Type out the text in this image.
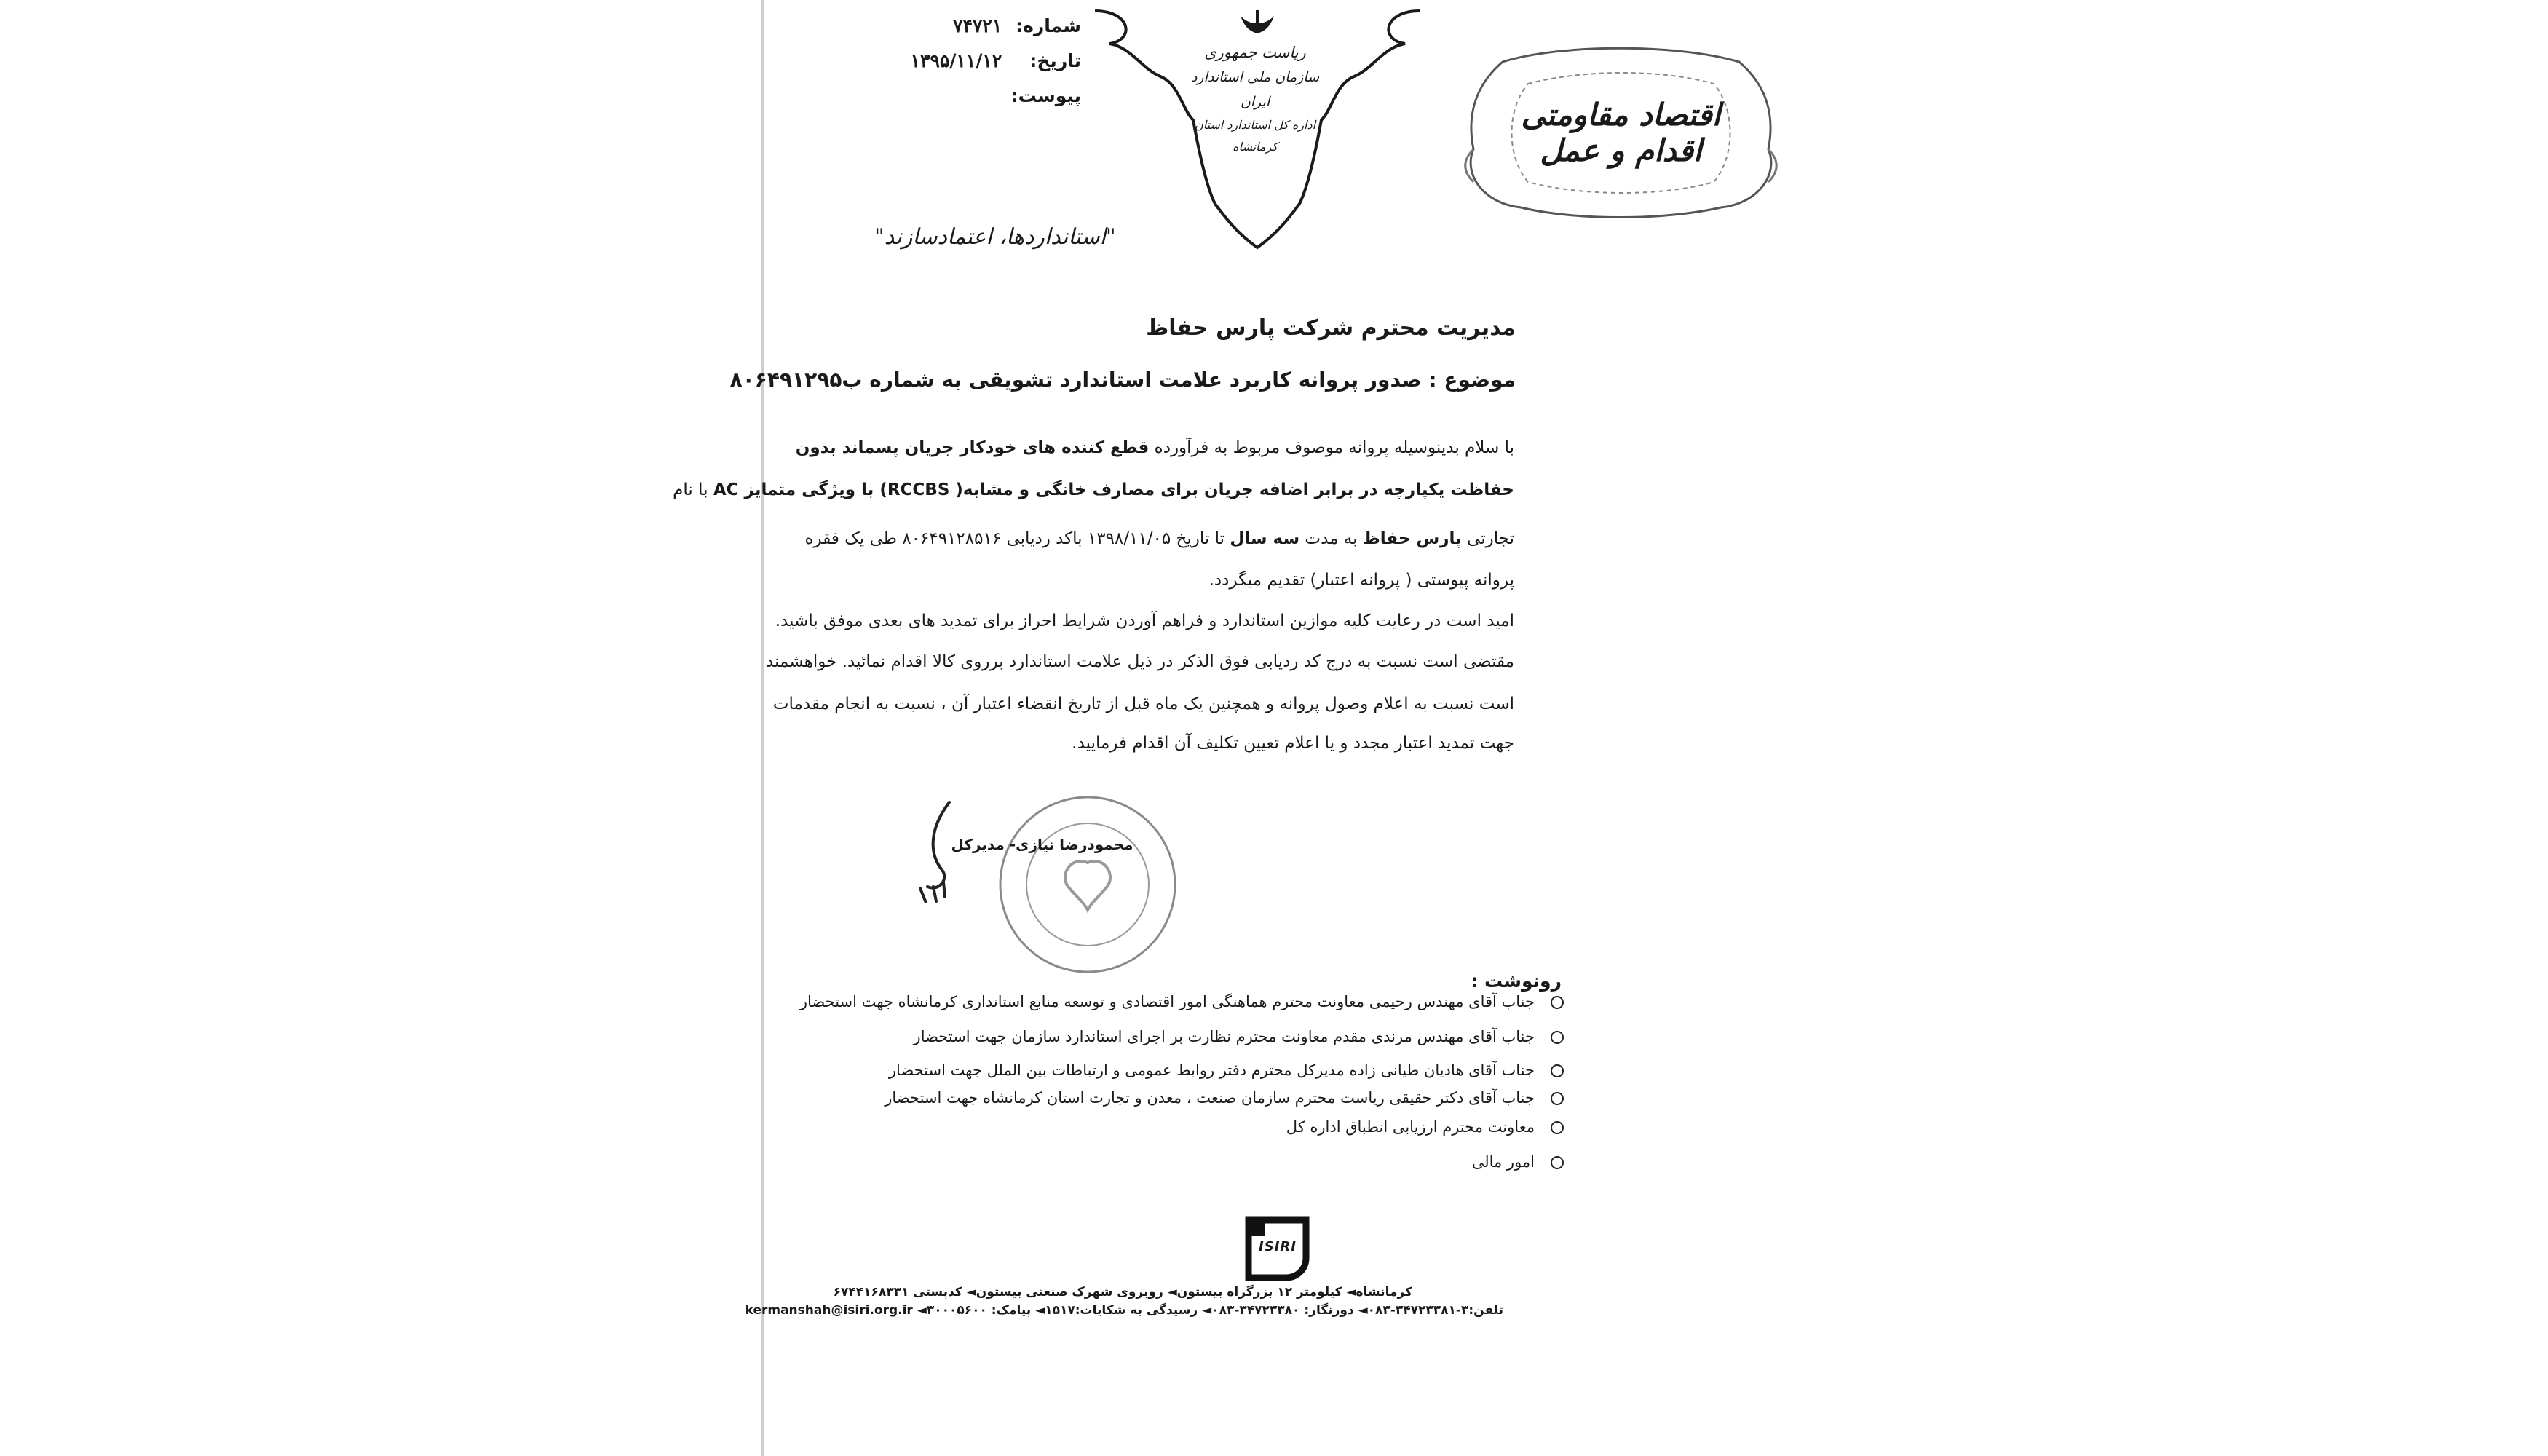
شماره: ۷۴۷۲۱
تاریخ: ۱۳۹۵/۱۱/۱۲
پیوست:
ریاست جمهوری
سازمان ملی استاندارد ایران
اداره کل استاندارد استان کرمانشاه
اقتصاد مقاومتی اقدام و عمل
"استانداردها، اعتمادسازند"
مدیریت محترم شرکت پارس حفاظ
موضوع : صدور پروانه کاربرد علامت استاندارد تشویقی به شماره ب۸۰۶۴۹۱۲۹۵
با سلام بدینوسیله پروانه موصوف مربوط به فرآورده قطع کننده های خودکار جریان پسماند بدون
حفاظت یکپارچه در برابر اضافه جریان برای مصارف خانگی و مشابه( RCCBS) با ویژگی متمایز AC با نام
تجارتی پارس حفاظ به مدت سه سال تا تاریخ ۱۳۹۸/۱۱/۰۵ باکد ردیابی ۸۰۶۴۹۱۲۸۵۱۶ طی یک فقره
پروانه پیوستی ( پروانه اعتبار) تقدیم میگردد.
امید است در رعایت کلیه موازین استاندارد و فراهم آوردن شرایط احراز برای تمدید های بعدی موفق باشید.
مقتضی است نسبت به درج کد ردیابی فوق الذکر در ذیل علامت استاندارد برروی کالا اقدام نمائید. خواهشمند
است نسبت به اعلام وصول پروانه و همچنین یک ماه قبل از تاریخ انقضاء اعتبار آن ، نسبت به انجام مقدمات
جهت تمدید اعتبار مجدد و یا اعلام تعیین تکلیف آن اقدام فرمایید.
محمودرضا نیازی- مدیرکل
رونوشت :
جناب آقای مهندس رحیمی معاونت محترم هماهنگی امور اقتصادی و توسعه منابع استانداری کرمانشاه جهت استحضار
جناب آقای مهندس مرندی مقدم معاونت محترم نظارت بر اجرای استاندارد سازمان جهت استحضار
جناب آقای هادیان طیانی زاده مدیرکل محترم دفتر روابط عمومی و ارتباطات بین الملل جهت استحضار
جناب آقای دکتر حقیقی ریاست محترم سازمان صنعت ، معدن و تجارت استان کرمانشاه جهت استحضار
معاونت محترم ارزیابی انطباق اداره کل
امور مالی
ISIRI
کرمانشاه◄ کیلومتر ۱۲ بزرگراه بیستون◄ روبروی شهرک صنعتی بیستون◄ کدپستی ۶۷۴۴۱۶۸۳۳۱
تلفن:۳-۳۴۷۲۳۳۸۱-۰۸۳◄ دورنگار: ۳۴۷۲۳۳۸۰-۰۸۳◄ رسیدگی به شکایات:۱۵۱۷◄ پیامک: ۳۰۰۰۵۶۰۰◄ kermanshah@isiri.org.ir
